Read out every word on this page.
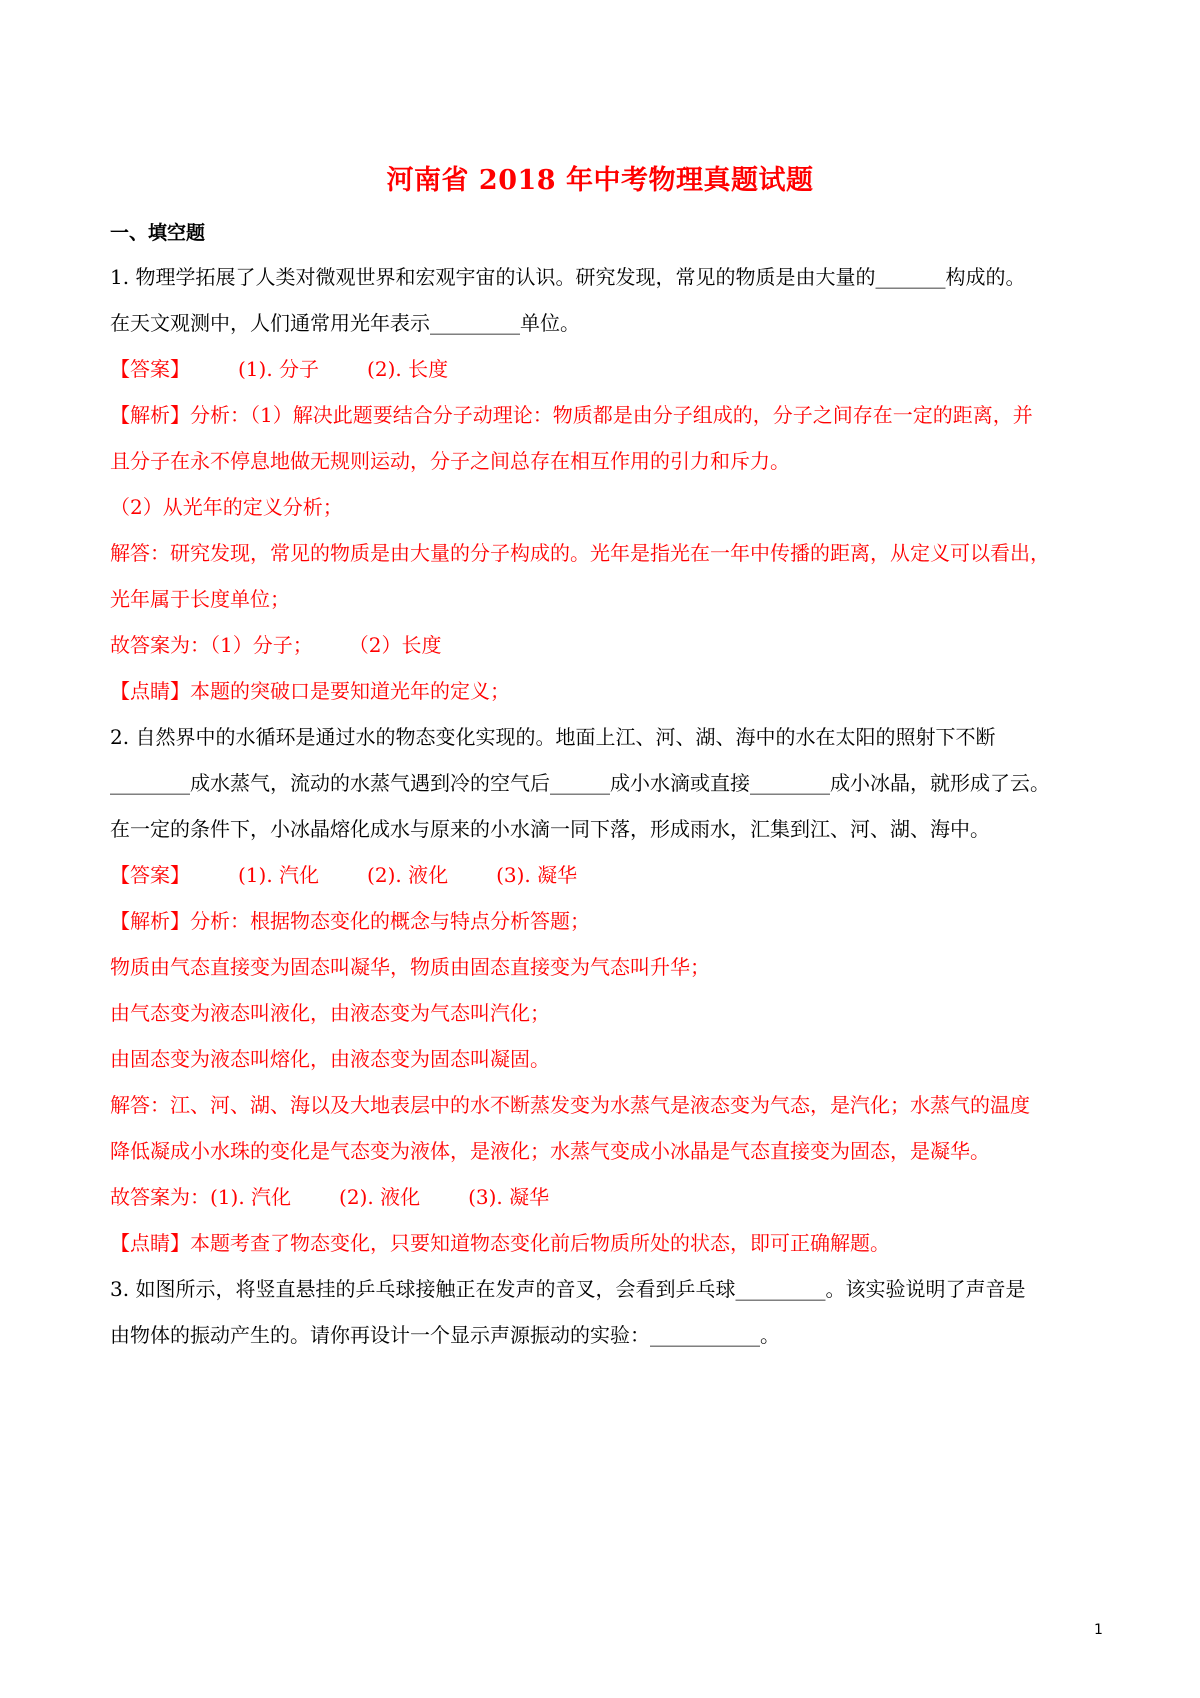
河南省 2018 年中考物理真题试题
一、填空题
1. 物理学拓展了人类对微观世界和宏观宇宙的认识。研究发现，常见的物质是由大量的_______构成的。
在天文观测中，人们通常用光年表示_________单位。
【答案】 (1). 分子 (2). 长度
【解析】分析：（1）解决此题要结合分子动理论：物质都是由分子组成的，分子之间存在一定的距离，并
且分子在永不停息地做无规则运动，分子之间总存在相互作用的引力和斥力。
（2）从光年的定义分析；
解答：研究发现，常见的物质是由大量的分子构成的。光年是指光在一年中传播的距离，从定义可以看出，
光年属于长度单位；
故答案为：（1）分子； （2）长度
【点睛】本题的突破口是要知道光年的定义；
2. 自然界中的水循环是通过水的物态变化实现的。地面上江、河、湖、海中的水在太阳的照射下不断
________成水蒸气，流动的水蒸气遇到冷的空气后______成小水滴或直接________成小冰晶，就形成了云。
在一定的条件下，小冰晶熔化成水与原来的小水滴一同下落，形成雨水，汇集到江、河、湖、海中。
【答案】 (1). 汽化 (2). 液化 (3). 凝华
【解析】分析：根据物态变化的概念与特点分析答题；
物质由气态直接变为固态叫凝华，物质由固态直接变为气态叫升华；
由气态变为液态叫液化，由液态变为气态叫汽化；
由固态变为液态叫熔化，由液态变为固态叫凝固。
解答：江、河、湖、海以及大地表层中的水不断蒸发变为水蒸气是液态变为气态，是汽化；水蒸气的温度
降低凝成小水珠的变化是气态变为液体，是液化；水蒸气变成小冰晶是气态直接变为固态，是凝华。
故答案为：(1). 汽化 (2). 液化 (3). 凝华
【点睛】本题考查了物态变化，只要知道物态变化前后物质所处的状态，即可正确解题。
3. 如图所示，将竖直悬挂的乒乓球接触正在发声的音叉，会看到乒乓球_________。该实验说明了声音是
由物体的振动产生的。请你再设计一个显示声源振动的实验：___________。
1
